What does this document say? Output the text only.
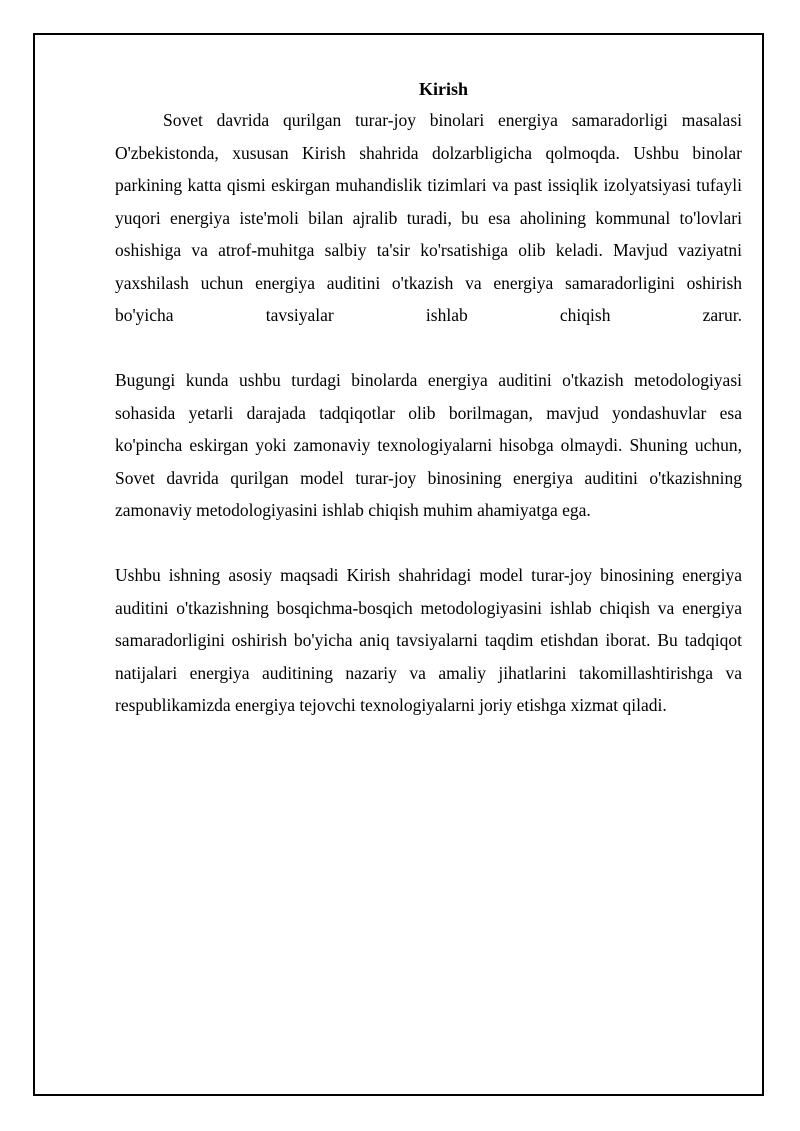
Kirish

Sovet davrida qurilgan turar-joy binolari energiya samaradorligi masalasi O'zbekistonda, xususan Kirish shahrida dolzarbligicha qolmoqda. Ushbu binolar parkining katta qismi eskirgan muhandislik tizimlari va past issiqlik izolyatsiyasi tufayli yuqori energiya iste'moli bilan ajralib turadi, bu esa aholining kommunal to'lovlari oshishiga va atrof-muhitga salbiy ta'sir ko'rsatishiga olib keladi. Mavjud vaziyatni yaxshilash uchun energiya auditini o'tkazish va energiya samaradorligini oshirish bo'yicha tavsiyalar ishlab chiqish zarur.

Bugungi kunda ushbu turdagi binolarda energiya auditini o'tkazish metodologiyasi sohasida yetarli darajada tadqiqotlar olib borilmagan, mavjud yondashuvlar esa ko'pincha eskirgan yoki zamonaviy texnologiyalarni hisobga olmaydi. Shuning uchun, Sovet davrida qurilgan model turar-joy binosining energiya auditini o'tkazishning zamonaviy metodologiyasini ishlab chiqish muhim ahamiyatga ega.

Ushbu ishning asosiy maqsadi Kirish shahridagi model turar-joy binosining energiya auditini o'tkazishning bosqichma-bosqich metodologiyasini ishlab chiqish va energiya samaradorligini oshirish bo'yicha aniq tavsiyalarni taqdim etishdan iborat. Bu tadqiqot natijalari energiya auditining nazariy va amaliy jihatlarini takomillashtirishga va respublikamizda energiya tejovchi texnologiyalarni joriy etishga xizmat qiladi.
